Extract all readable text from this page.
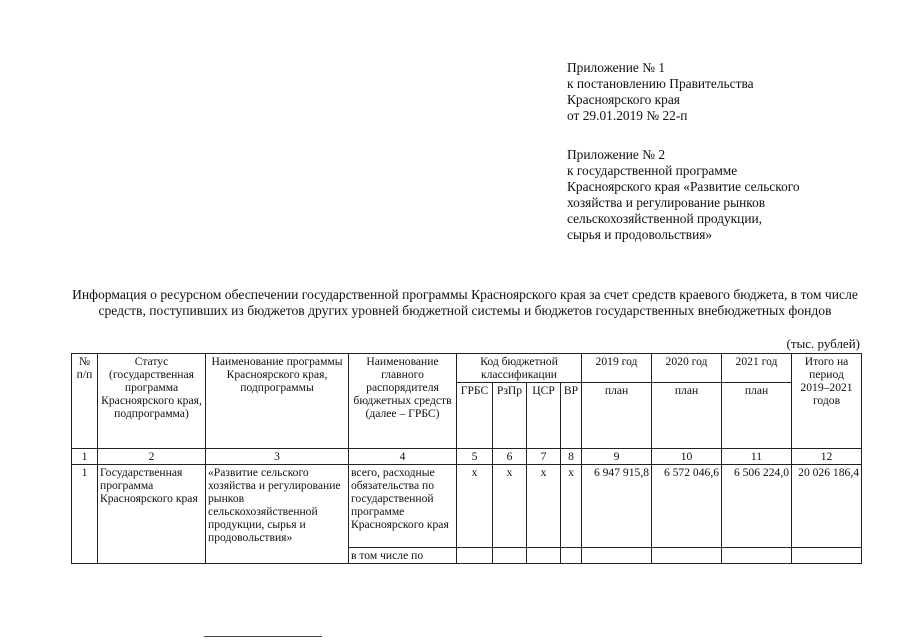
Приложение № 1
к постановлению Правительства
Красноярского края
от 29.01.2019 № 22-п
Приложение № 2
к государственной программе
Красноярского края «Развитие сельского
хозяйства и регулирование рынков
сельскохозяйственной продукции,
сырья и продовольствия»
Информация о ресурсном обеспечении государственной программы Красноярского края за счет средств краевого бюджета, в том числе средств, поступивших из бюджетов других уровней бюджетной системы и бюджетов государственных внебюджетных фондов
(тыс. рублей)
№ п/п	Статус (государственная программа Красноярского края, подпрограмма)	Наименование программы Красноярского края, подпрограммы	Наименование главного распорядителя бюджетных средств (далее – ГРБС)	Код бюджетной классификации				2019 год	2020 год	2021 год	Итого на период 2019–2021 годов
				ГРБС	РзПр	ЦСР	ВР	план	план	план	
1	2	3	4	5	6	7	8	9	10	11	12
1	Государственная программа Красноярского края	«Развитие сельского хозяйства и регулирование рынков сельскохозяйственной продукции, сырья и продовольствия»	всего, расходные обязательства по государственной программе Красноярского края	х	х	х	х	6 947 915,8	6 572 046,6	6 506 224,0	20 026 186,4
			в том числе по								
